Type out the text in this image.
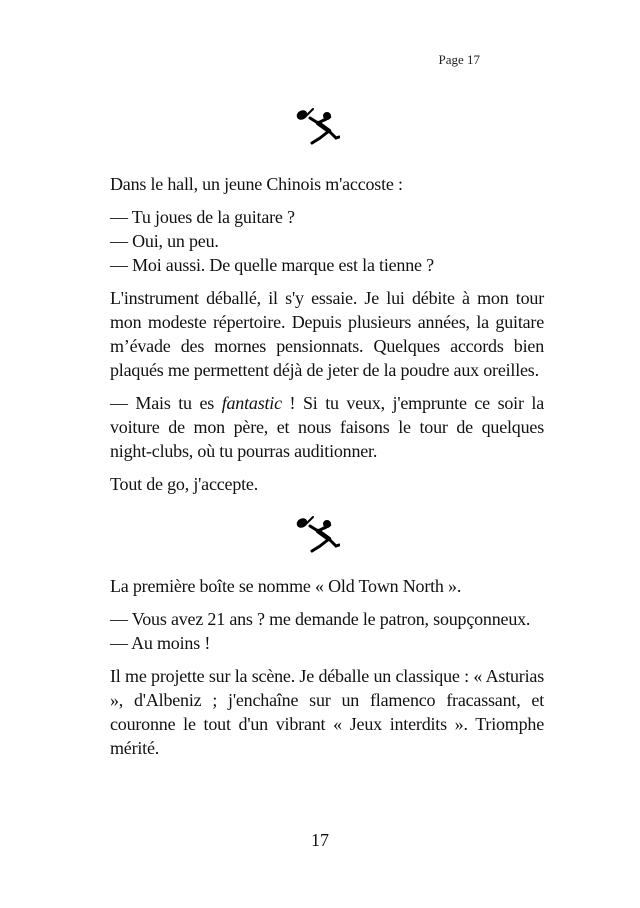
Page 17

Dans le hall, un jeune Chinois m'accoste :

— Tu joues de la guitare ?

— Oui, un peu.

— Moi aussi. De quelle marque est la tienne ?

L'instrument déballé, il s'y essaie. Je lui débite à mon tour mon modeste répertoire. Depuis plusieurs années, la guitare m’évade des mornes pensionnats. Quelques accords bien plaqués me permettent déjà de jeter de la poudre aux oreilles.

— Mais tu es fantastic ! Si tu veux, j'emprunte ce soir la voiture de mon père, et nous faisons le tour de quelques night-clubs, où tu pourras auditionner.

Tout de go, j'accepte.

La première boîte se nomme « Old Town North ».

— Vous avez 21 ans ? me demande le patron, soupçonneux.

— Au moins !

Il me projette sur la scène. Je déballe un classique : « Asturias », d'Albeniz ; j'enchaîne sur un flamenco fracassant, et couronne le tout d'un vibrant « Jeux interdits ». Triomphe mérité.

17
